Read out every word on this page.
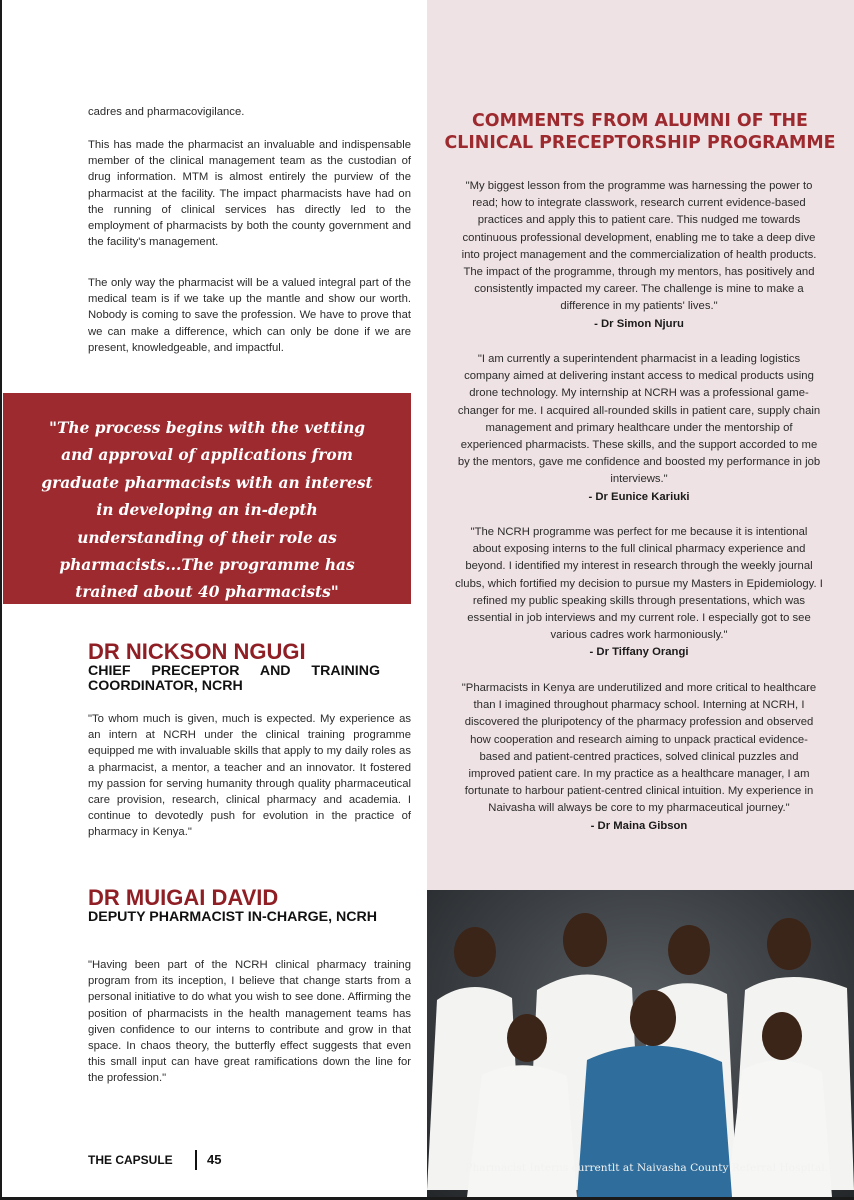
cadres and pharmacovigilance.

This has made the pharmacist an invaluable and indispensable member of the clinical management team as the custodian of drug information. MTM is almost entirely the purview of the pharmacist at the facility. The impact pharmacists have had on the running of clinical services has directly led to the employment of pharmacists by both the county government and the facility's management.

The only way the pharmacist will be a valued integral part of the medical team is if we take up the mantle and show our worth. Nobody is coming to save the profession. We have to prove that we can make a difference, which can only be done if we are present, knowledgeable, and impactful.

"The process begins with the vetting and approval of applications from graduate pharmacists with an interest in developing an in-depth understanding of their role as pharmacists...The programme has trained about 40 pharmacists"

DR NICKSON NGUGI
CHIEF PRECEPTOR AND TRAINING COORDINATOR, NCRH

"To whom much is given, much is expected. My experience as an intern at NCRH under the clinical training programme equipped me with invaluable skills that apply to my daily roles as a pharmacist, a mentor, a teacher and an innovator. It fostered my passion for serving humanity through quality pharmaceutical care provision, research, clinical pharmacy and academia. I continue to devotedly push for evolution in the practice of pharmacy in Kenya."

DR MUIGAI DAVID
DEPUTY PHARMACIST IN-CHARGE, NCRH

"Having been part of the NCRH clinical pharmacy training program from its inception, I believe that change starts from a personal initiative to do what you wish to see done. Affirming the position of pharmacists in the health management teams has given confidence to our interns to contribute and grow in that space. In chaos theory, the butterfly effect suggests that even this small input can have great ramifications down the line for the profession."

THE CAPSULE	45
COMMENTS FROM ALUMNI OF THE CLINICAL PRECEPTORSHIP PROGRAMME

"My biggest lesson from the programme was harnessing the power to read; how to integrate classwork, research current evidence-based practices and apply this to patient care. This nudged me towards continuous professional development, enabling me to take a deep dive into project management and the commercialization of health products. The impact of the programme, through my mentors, has positively and consistently impacted my career. The challenge is mine to make a difference in my patients' lives."
- Dr Simon Njuru

"I am currently a superintendent pharmacist in a leading logistics company aimed at delivering instant access to medical products using drone technology. My internship at NCRH was a professional game-changer for me. I acquired all-rounded skills in patient care, supply chain management and primary healthcare under the mentorship of experienced pharmacists. These skills, and the support accorded to me by the mentors, gave me confidence and boosted my performance in job interviews."
- Dr Eunice Kariuki

"The NCRH programme was perfect for me because it is intentional about exposing interns to the full clinical pharmacy experience and beyond. I identified my interest in research through the weekly journal clubs, which fortified my decision to pursue my Masters in Epidemiology. I refined my public speaking skills through presentations, which was essential in job interviews and my current role. I especially got to see various cadres work harmoniously."
- Dr Tiffany Orangi

"Pharmacists in Kenya are underutilized and more critical to healthcare than I imagined throughout pharmacy school. Interning at NCRH, I discovered the pluripotency of the pharmacy profession and observed how cooperation and research aiming to unpack practical evidence-based and patient-centred practices, solved clinical puzzles and improved patient care. In my practice as a healthcare manager, I am fortunate to harbour patient-centred clinical intuition. My experience in Naivasha will always be core to my pharmaceutical journey."
- Dr Maina Gibson

Pharmacist Interns currentlt at Naivasha County Referral Hospital.
